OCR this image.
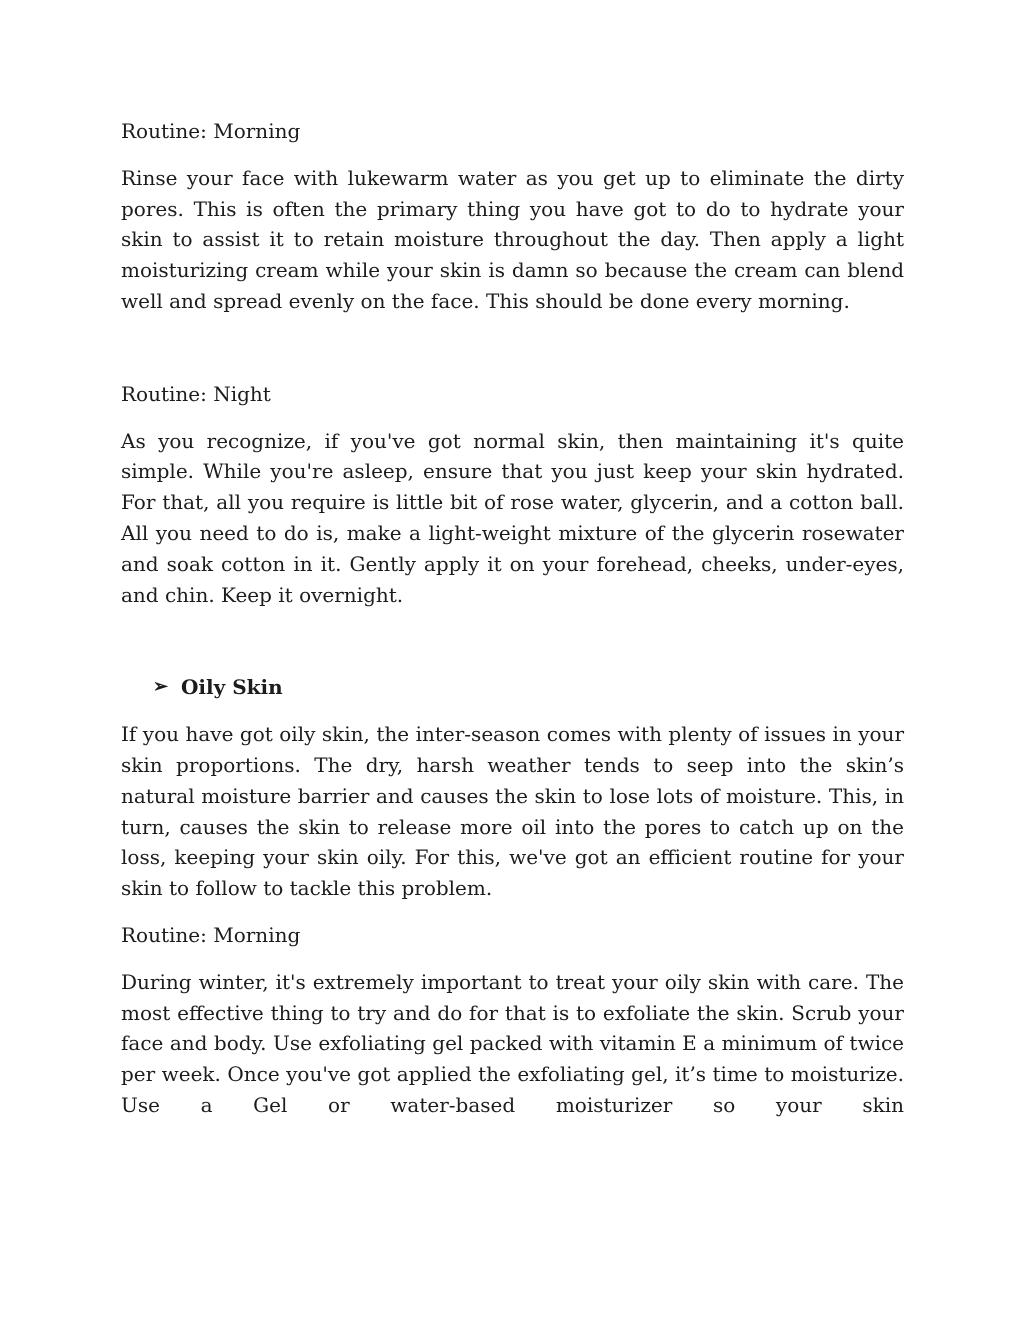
Routine: Morning

Rinse your face with lukewarm water as you get up to eliminate the dirty pores. This is often the primary thing you have got to do to hydrate your skin to assist it to retain moisture throughout the day. Then apply a light moisturizing cream while your skin is damn so because the cream can blend well and spread evenly on the face. This should be done every morning.

Routine: Night

As you recognize, if you've got normal skin, then maintaining it's quite simple. While you're asleep, ensure that you just keep your skin hydrated. For that, all you require is little bit of rose water, glycerin, and a cotton ball. All you need to do is, make a light-weight mixture of the glycerin rosewater and soak cotton in it. Gently apply it on your forehead, cheeks, under-eyes, and chin. Keep it overnight.

➢ Oily Skin

If you have got oily skin, the inter-season comes with plenty of issues in your skin proportions. The dry, harsh weather tends to seep into the skin’s natural moisture barrier and causes the skin to lose lots of moisture. This, in turn, causes the skin to release more oil into the pores to catch up on the loss, keeping your skin oily. For this, we've got an efficient routine for your skin to follow to tackle this problem.

Routine: Morning

During winter, it's extremely important to treat your oily skin with care. The most effective thing to try and do for that is to exfoliate the skin. Scrub your face and body. Use exfoliating gel packed with vitamin E a minimum of twice per week. Once you've got applied the exfoliating gel, it’s time to moisturize. Use a Gel or water-based moisturizer so your skin
